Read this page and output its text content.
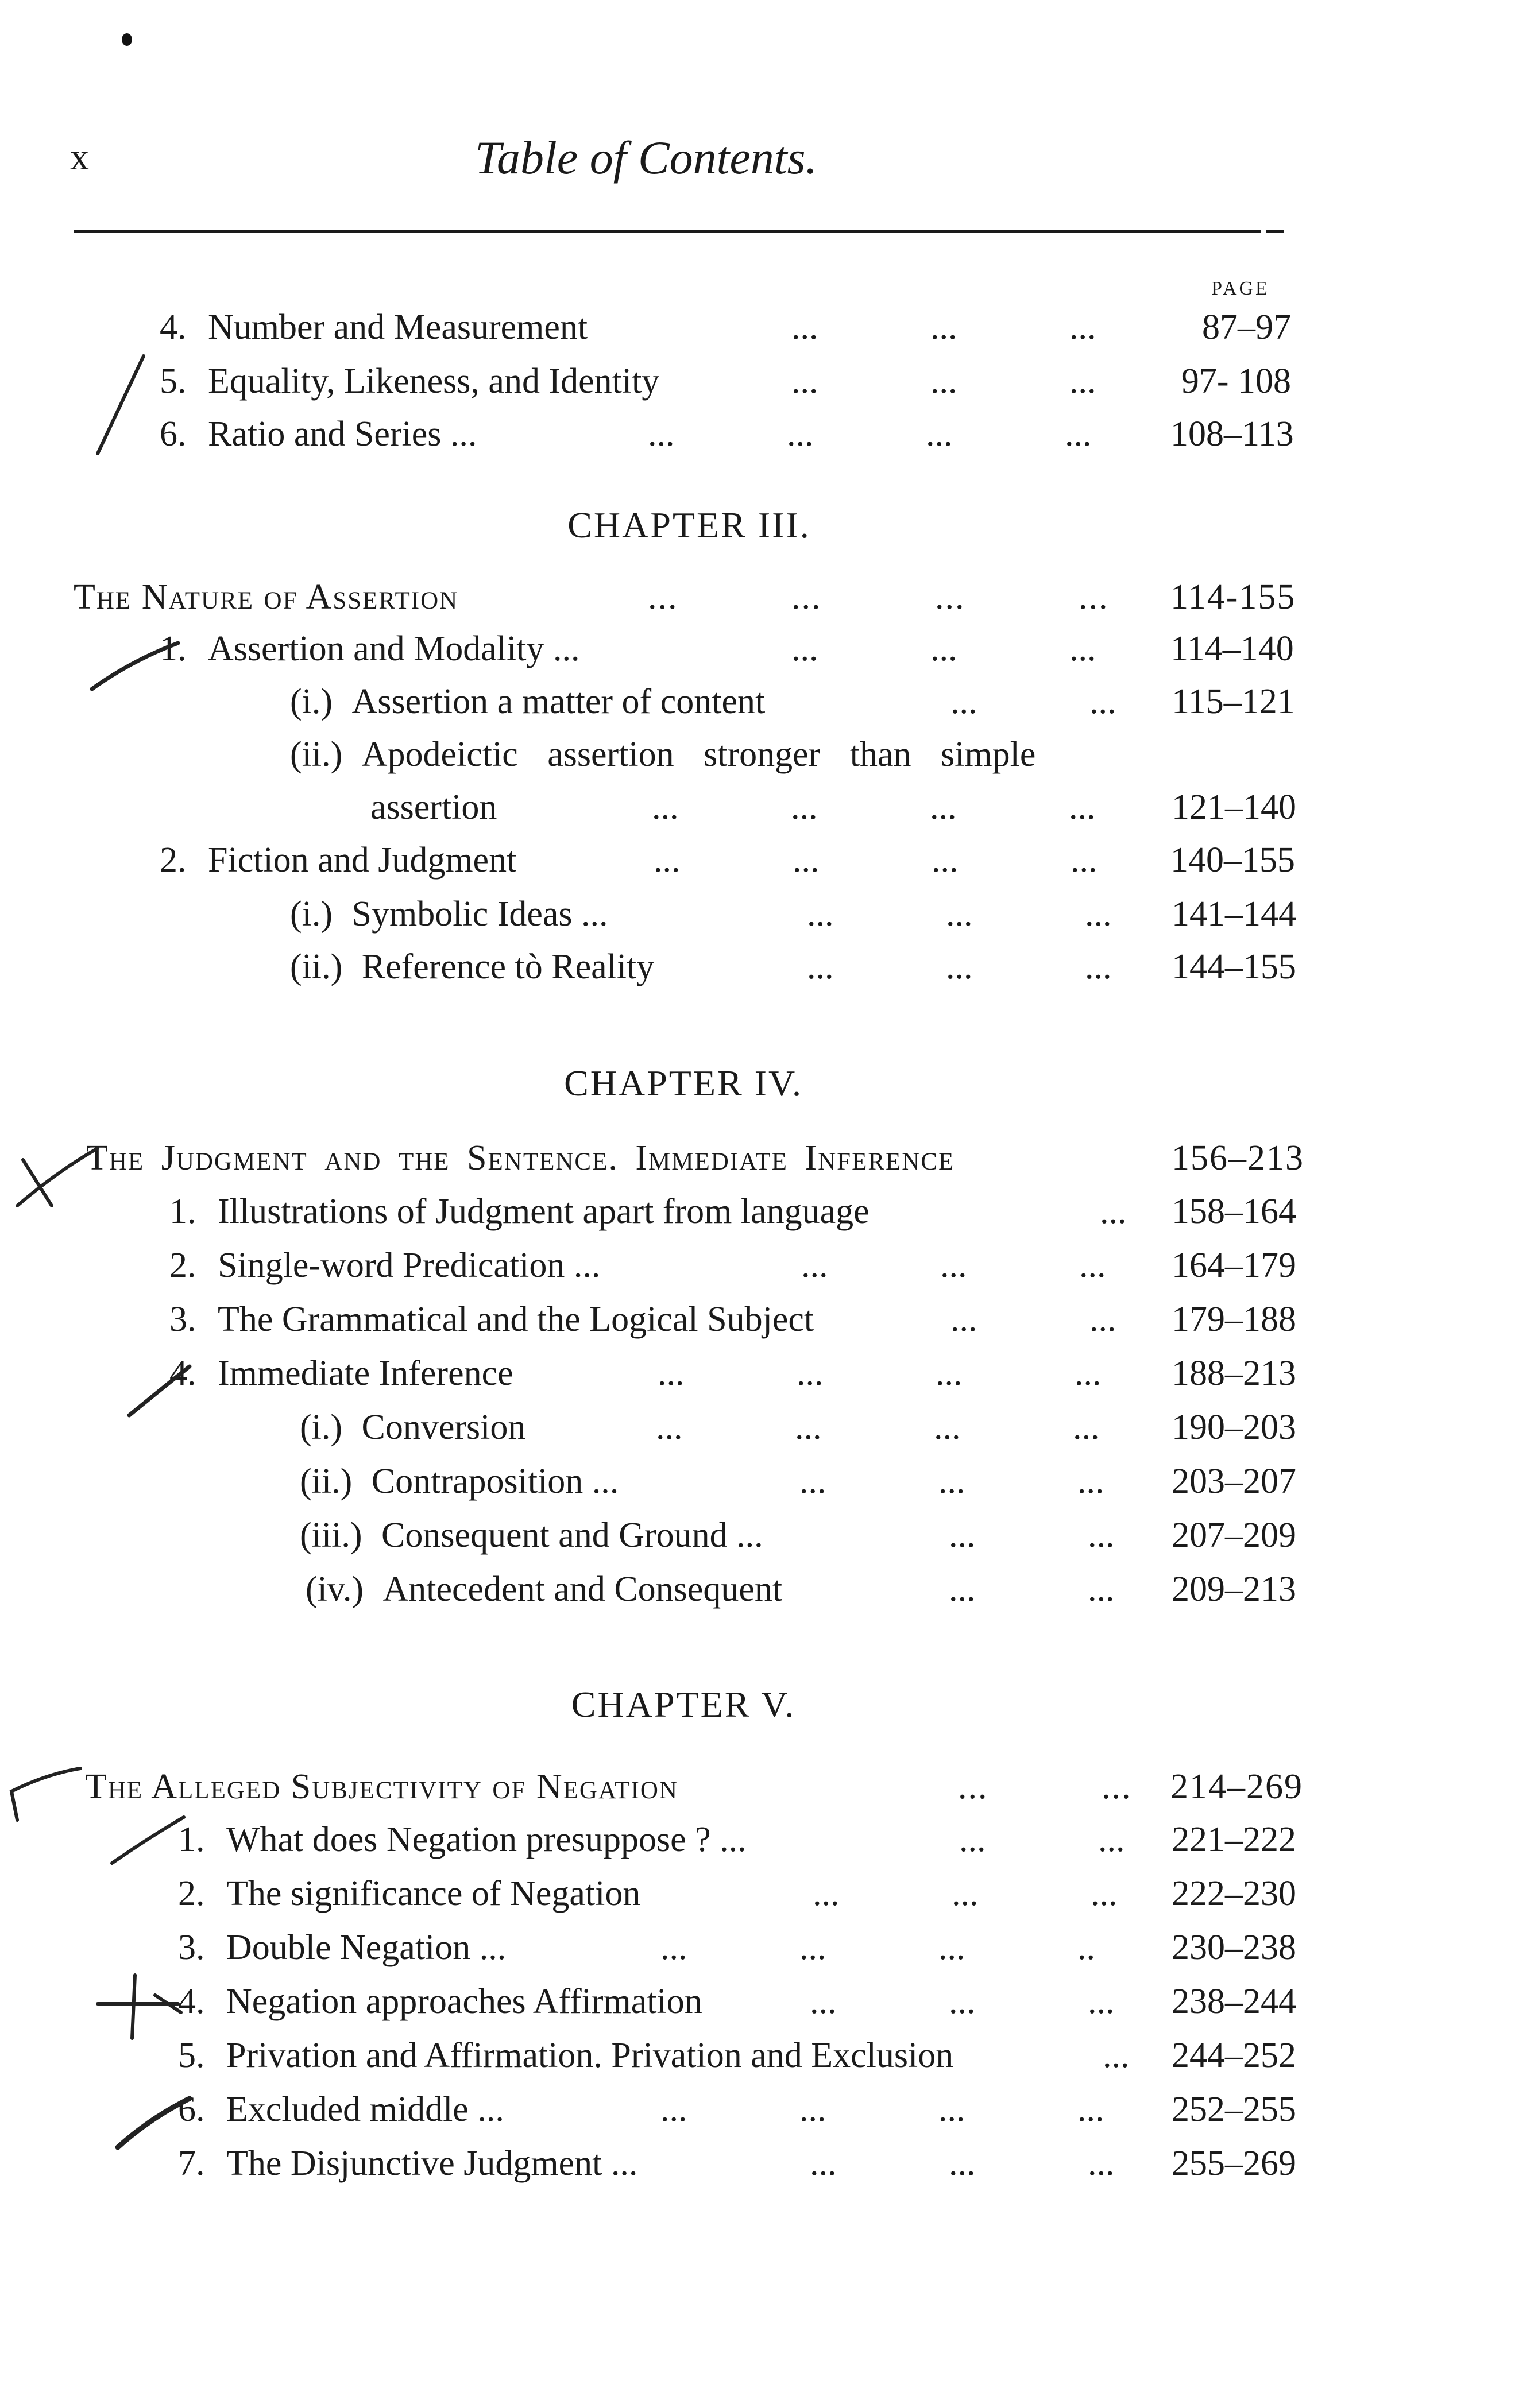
x	Table of Contents.
PAGE
4. Number and Measurement	... ... ...	87–97
5. Equality, Likeness, and Identity	... ... ...	97- 108
6. Ratio and Series ...	... ... ... ... 108–113
CHAPTER III.
The Nature of Assertion	... ... ... ... 114-155
1. Assertion and Modality ...	... ... ... 114–140
(i.) Assertion a matter of content	... ... 115–121
(ii.) Apodeictic assertion stronger than simple
assertion	... ... ... ... 121–140
2. Fiction and Judgment	... ... ... ... 140–155
(i.) Symbolic Ideas ...	... ... ... 141–144
(ii.) Reference tò Reality	... ... ... 144–155
CHAPTER IV.
The Judgment and the Sentence. Immediate Inference	156–213
1. Illustrations of Judgment apart from language	... 158–164
2. Single-word Predication ...	... ... ... 164–179
3. The Grammatical and the Logical Subject	... ... 179–188
4. Immediate Inference	... ... ... ... 188–213
(i.) Conversion	... ... ... ... 190–203
(ii.) Contraposition ...	... ... ... 203–207
(iii.) Consequent and Ground ...	... ... 207–209
(iv.) Antecedent and Consequent	... ... 209–213
CHAPTER V.
The Alleged Subjectivity of Negation	... ... 214–269
1. What does Negation presuppose ? ...	... ... 221–222
2. The significance of Negation	... ... ... 222–230
3. Double Negation ...	... ... ... .. 230–238
4. Negation approaches Affirmation	... ... ... 238–244
5. Privation and Affirmation. Privation and Exclusion	... 244–252
6. Excluded middle ...	... ... ... ... 252–255
7. The Disjunctive Judgment ...	... ... ... 255–269
